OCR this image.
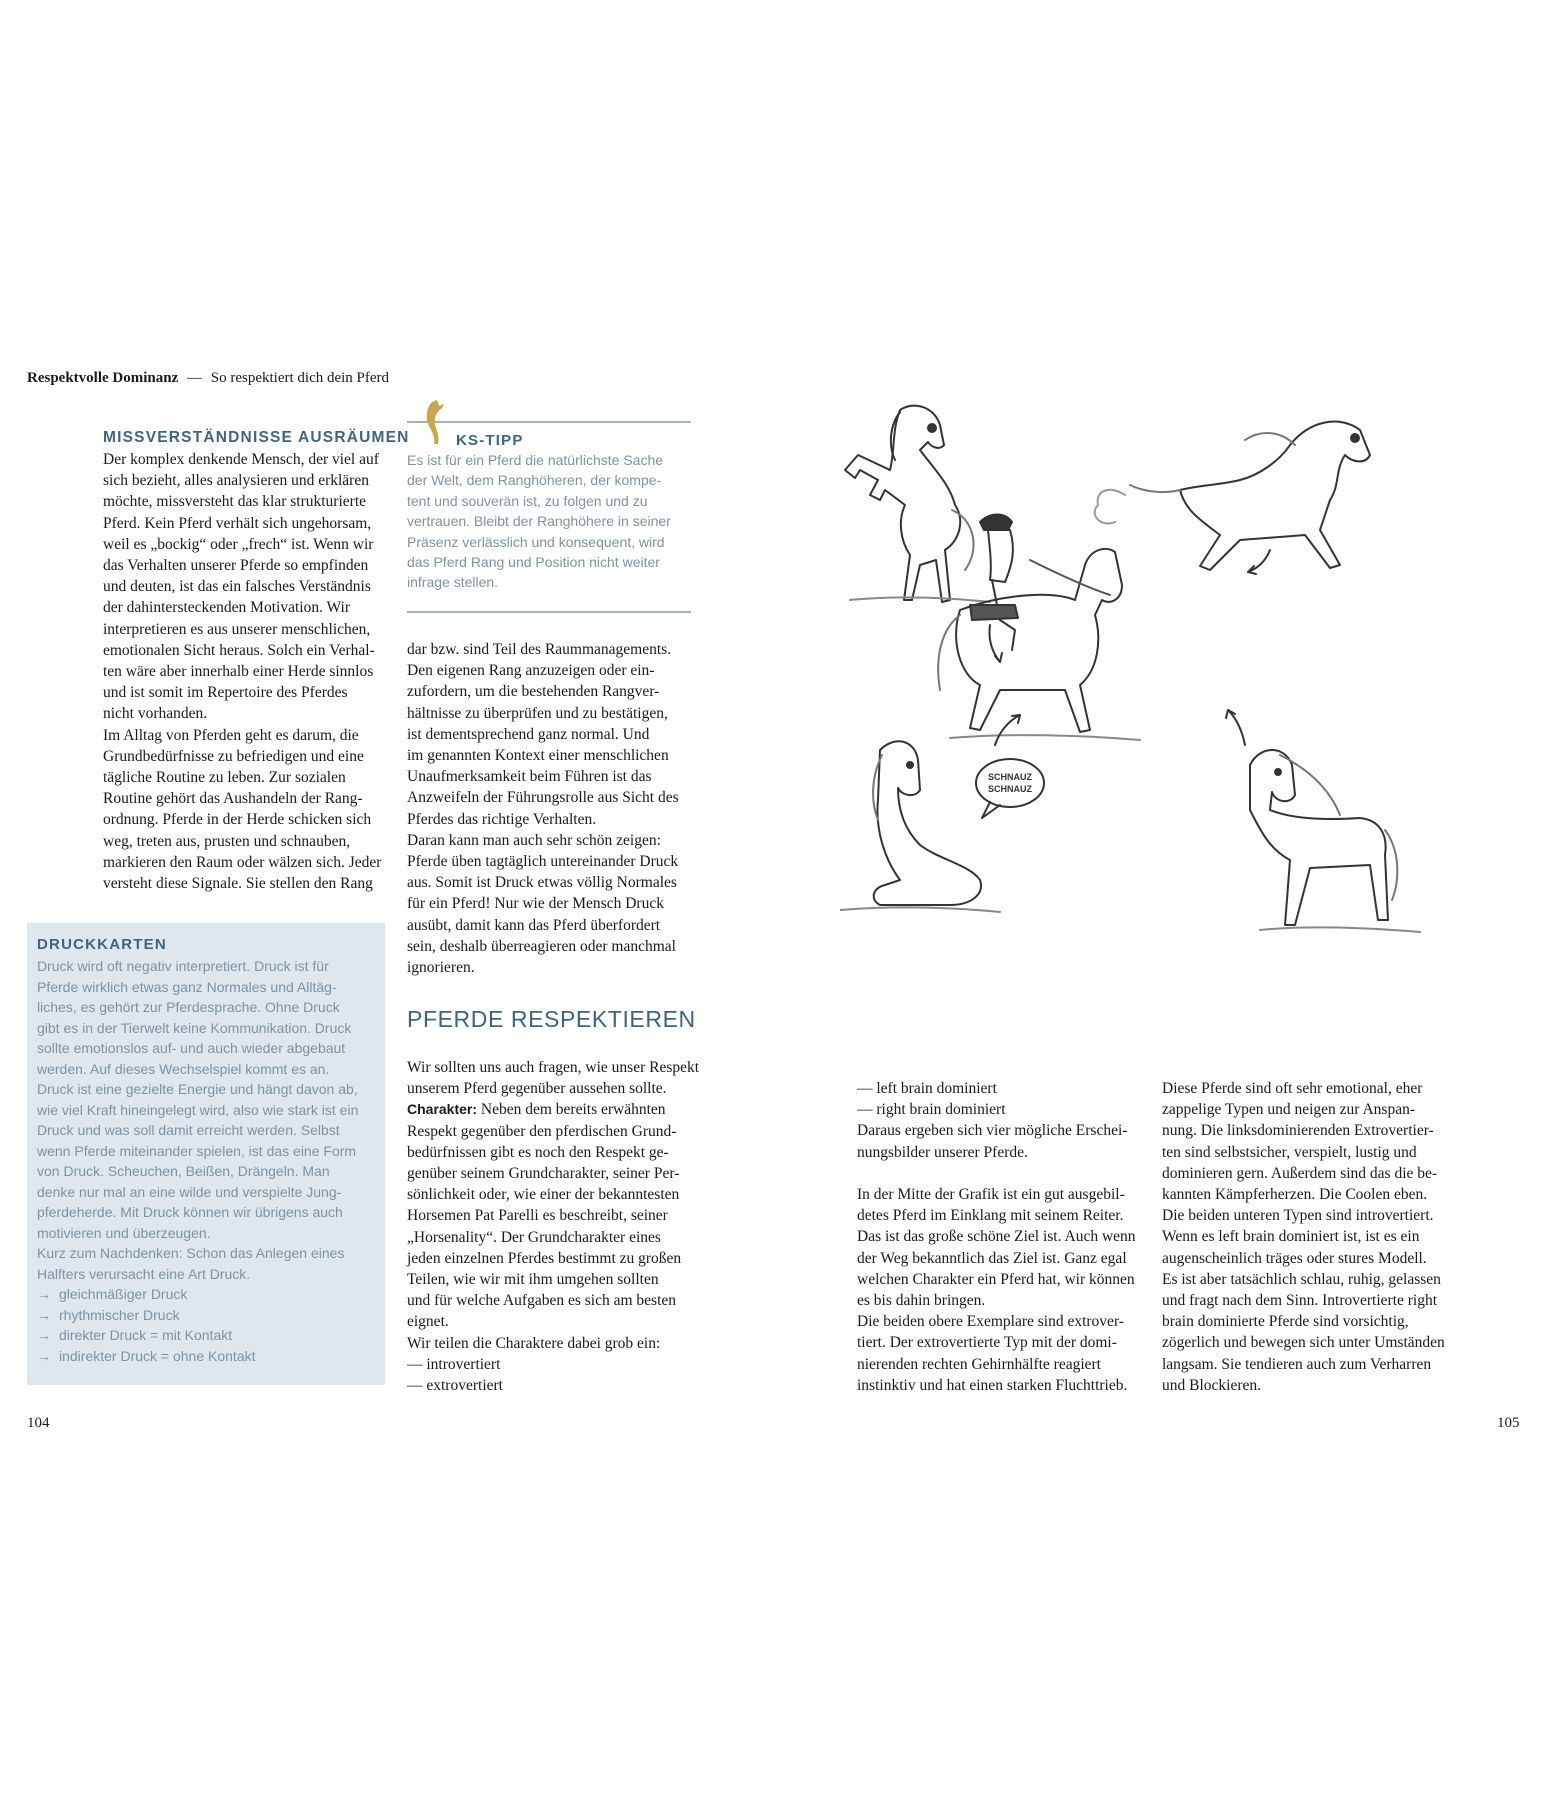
Respektvolle Dominanz — So respektiert dich dein Pferd
MISSVERSTÄNDNISSE AUSRÄUMEN
Der komplex denkende Mensch, der viel auf
sich bezieht, alles analysieren und erklären
möchte, missversteht das klar strukturierte
Pferd. Kein Pferd verhält sich ungehorsam,
weil es „bockig“ oder „frech“ ist. Wenn wir
das Verhalten unserer Pferde so empfinden
und deuten, ist das ein falsches Verständnis
der dahintersteckenden Motivation. Wir
interpretieren es aus unserer menschlichen,
emotionalen Sicht heraus. Solch ein Verhal-
ten wäre aber innerhalb einer Herde sinnlos
und ist somit im Repertoire des Pferdes
nicht vorhanden.
Im Alltag von Pferden geht es darum, die
Grundbedürfnisse zu befriedigen und eine
tägliche Routine zu leben. Zur sozialen
Routine gehört das Aushandeln der Rang-
ordnung. Pferde in der Herde schicken sich
weg, treten aus, prusten und schnauben,
markieren den Raum oder wälzen sich. Jeder
versteht diese Signale. Sie stellen den Rang
KS-TIPP
Es ist für ein Pferd die natürlichste Sache
der Welt, dem Ranghöheren, der kompe-
tent und souverän ist, zu folgen und zu
vertrauen. Bleibt der Ranghöhere in seiner
Präsenz verlässlich und konsequent, wird
das Pferd Rang und Position nicht weiter
infrage stellen.
dar bzw. sind Teil des Raummanagements.
Den eigenen Rang anzuzeigen oder ein-
zufordern, um die bestehenden Rangver-
hältnisse zu überprüfen und zu bestätigen,
ist dementsprechend ganz normal. Und
im genannten Kontext einer menschlichen
Unaufmerksamkeit beim Führen ist das
Anzweifeln der Führungsrolle aus Sicht des
Pferdes das richtige Verhalten.
Daran kann man auch sehr schön zeigen:
Pferde üben tagtäglich untereinander Druck
aus. Somit ist Druck etwas völlig Normales
für ein Pferd! Nur wie der Mensch Druck
ausübt, damit kann das Pferd überfordert
sein, deshalb überreagieren oder manchmal
ignorieren.
PFERDE RESPEKTIEREN
Wir sollten uns auch fragen, wie unser Respekt
unserem Pferd gegenüber aussehen sollte.
Charakter: Neben dem bereits erwähnten
Respekt gegenüber den pferdischen Grund-
bedürfnissen gibt es noch den Respekt ge-
genüber seinem Grundcharakter, seiner Per-
sönlichkeit oder, wie einer der bekanntesten
Horsemen Pat Parelli es beschreibt, seiner
„Horsenality“. Der Grundcharakter eines
jeden einzelnen Pferdes bestimmt zu großen
Teilen, wie wir mit ihm umgehen sollten
und für welche Aufgaben es sich am besten
eignet.
Wir teilen die Charaktere dabei grob ein:
— introvertiert
— extrovertiert
DRUCKKARTEN
Druck wird oft negativ interpretiert. Druck ist für
Pferde wirklich etwas ganz Normales und Alltäg-
liches, es gehört zur Pferdesprache. Ohne Druck
gibt es in der Tierwelt keine Kommunikation. Druck
sollte emotionslos auf- und auch wieder abgebaut
werden. Auf dieses Wechselspiel kommt es an.
Druck ist eine gezielte Energie und hängt davon ab,
wie viel Kraft hineingelegt wird, also wie stark ist ein
Druck und was soll damit erreicht werden. Selbst
wenn Pferde miteinander spielen, ist das eine Form
von Druck. Scheuchen, Beißen, Drängeln. Man
denke nur mal an eine wilde und verspielte Jung-
pferdeherde. Mit Druck können wir übrigens auch
motivieren und überzeugen.
Kurz zum Nachdenken: Schon das Anlegen eines
Halfters verursacht eine Art Druck.
→ gleichmäßiger Druck
→ rhythmischer Druck
→ direkter Druck = mit Kontakt
→ indirekter Druck = ohne Kontakt
104	105
— left brain dominiert
— right brain dominiert
Daraus ergeben sich vier mögliche Erschei-
nungsbilder unserer Pferde.
In der Mitte der Grafik ist ein gut ausgebil-
detes Pferd im Einklang mit seinem Reiter.
Das ist das große schöne Ziel ist. Auch wenn
der Weg bekanntlich das Ziel ist. Ganz egal
welchen Charakter ein Pferd hat, wir können
es bis dahin bringen.
Die beiden obere Exemplare sind extrover-
tiert. Der extrovertierte Typ mit der domi-
nierenden rechten Gehirnhälfte reagiert
instinktiv und hat einen starken Fluchttrieb.
Diese Pferde sind oft sehr emotional, eher
zappelige Typen und neigen zur Anspan-
nung. Die linksdominierenden Extrovertier-
ten sind selbstsicher, verspielt, lustig und
dominieren gern. Außerdem sind das die be-
kannten Kämpferherzen. Die Coolen eben.
Die beiden unteren Typen sind introvertiert.
Wenn es left brain dominiert ist, ist es ein
augenscheinlich träges oder stures Modell.
Es ist aber tatsächlich schlau, ruhig, gelassen
und fragt nach dem Sinn. Introvertierte right
brain dominierte Pferde sind vorsichtig,
zögerlich und bewegen sich unter Umständen
langsam. Sie tendieren auch zum Verharren
und Blockieren.
SCHNAUZ
SCHNAUZ
